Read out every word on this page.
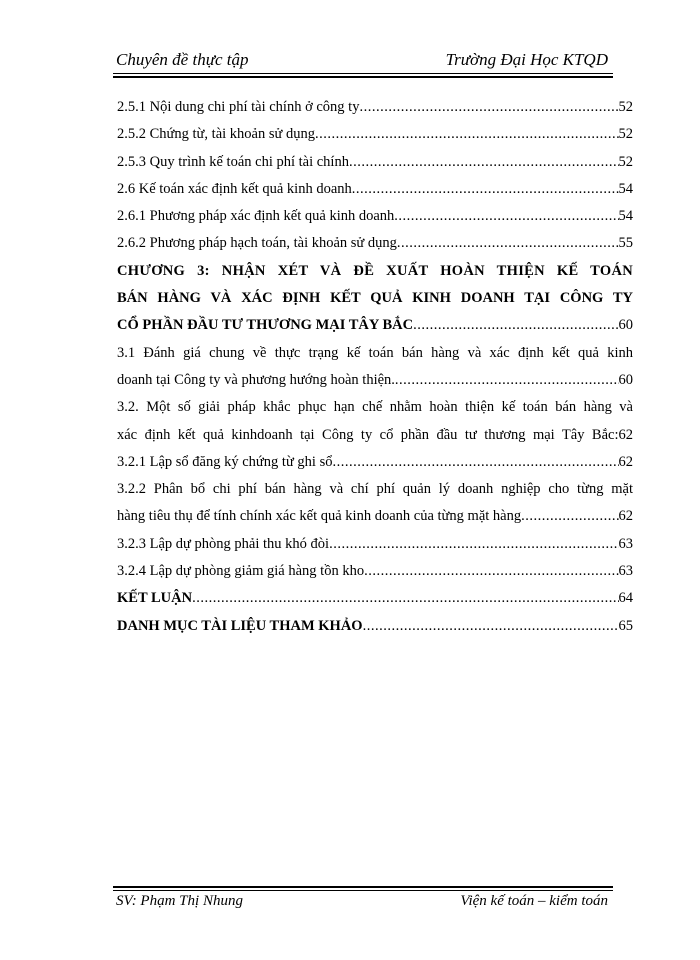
Chuyên đề thực tập	Trường Đại Học KTQD
2.5.1 Nội dung chi phí tài chính ở công ty .....	52
2.5.2 Chứng từ, tài khoản sử dụng .....	52
2.5.3 Quy trình kế toán chi phí tài chính .....	52
2.6 Kế toán xác định kết quả kinh doanh .....	54
2.6.1 Phương pháp xác định kết quả kinh doanh .....	54
2.6.2 Phương pháp hạch toán, tài khoản sử dụng .....	55
CHƯƠNG 3: NHẬN XÉT VÀ ĐỀ XUẤT HOÀN THIỆN KẾ TOÁN
BÁN HÀNG VÀ XÁC ĐỊNH KẾT QUẢ KINH DOANH TẠI CÔNG TY
CỔ PHẦN ĐẦU TƯ THƯƠNG MẠI TÂY BẮC .....	60
3.1 Đánh giá chung về thực trạng kế toán bán hàng và xác định kết quả kinh
doanh tại Công ty và phương hướng hoàn thiện. .....	60
3.2. Một số giải pháp khắc phục hạn chế nhằm hoàn thiện kế toán bán hàng và
xác định kết quả kinhdoanh tại Công ty cổ phần đầu tư thương mại Tây Bắc:62
3.2.1 Lập sổ đăng ký chứng từ ghi sổ .....	62
3.2.2 Phân bổ chi phí bán hàng và chí phí quản lý doanh nghiệp cho từng mặt
hàng tiêu thụ để tính chính xác kết quả kinh doanh của từng mặt hàng .....	62
3.2.3 Lập dự phòng phải thu khó đòi .....	63
3.2.4 Lập dự phòng giảm giá hàng tồn kho .....	63
KẾT LUẬN .....	64
DANH MỤC TÀI LIỆU THAM KHẢO .....	65
SV: Phạm Thị Nhung	Viện kế toán – kiểm toán
